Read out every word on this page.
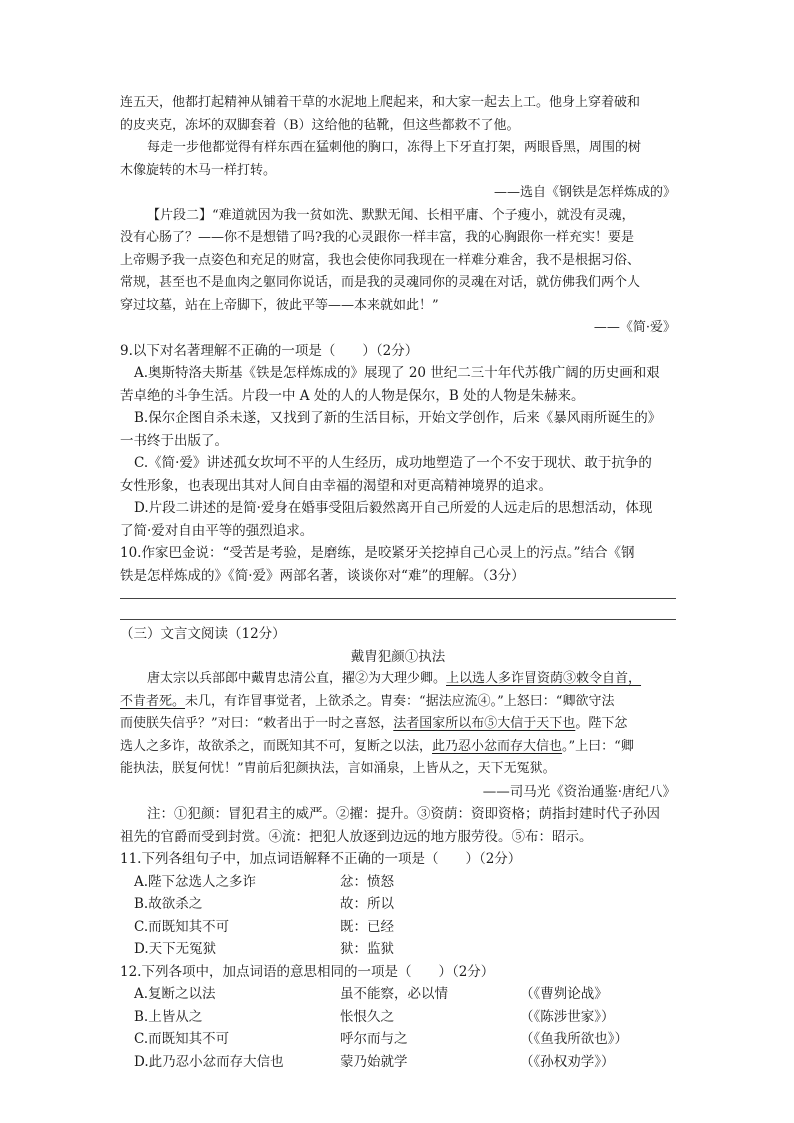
连五天，他都打起精神从铺着干草的水泥地上爬起来，和大家一起去上工。他身上穿着破和

的皮夹克，冻坏的双脚套着（B）这给他的毡靴，但这些都救不了他。

每走一步他都觉得有样东西在猛刺他的胸口，冻得上下牙直打架，两眼昏黑，周围的树

木像旋转的木马一样打转。

——选自《钢铁是怎样炼成的》

【片段二】“难道就因为我一贫如洗、默默无闻、长相平庸、个子瘦小，就没有灵魂，

没有心肠了？——你不是想错了吗?我的心灵跟你一样丰富，我的心胸跟你一样充实！要是

上帝赐予我一点姿色和充足的财富，我也会使你同我现在一样难分难舍，我不是根据习俗、

常规，甚至也不是血肉之躯同你说话，而是我的灵魂同你的灵魂在对话，就仿佛我们两个人

穿过坟墓，站在上帝脚下，彼此平等——本来就如此！”

——《简·爱》

9.以下对名著理解不正确的一项是（　　）（2分）

A.奥斯特洛夫斯基《铁是怎样炼成的》展现了 20 世纪二三十年代苏俄广阔的历史画和艰

苦卓绝的斗争生活。片段一中 A 处的人的人物是保尔，B 处的人物是朱赫来。

B.保尔企图自杀未遂，又找到了新的生活目标，开始文学创作，后来《暴风雨所诞生的》

一书终于出版了。

C.《简·爱》讲述孤女坎坷不平的人生经历，成功地塑造了一个不安于现状、敢于抗争的

女性形象，也表现出其对人间自由幸福的渴望和对更高精神境界的追求。

D.片段二讲述的是简·爱身在婚事受阻后毅然离开自己所爱的人远走后的思想活动，体现

了简·爱对自由平等的强烈追求。

10.作家巴金说：“受苦是考验，是磨练，是咬紧牙关挖掉自己心灵上的污点。”结合《钢

铁是怎样炼成的》《简·爱》两部名著，谈谈你对“难”的理解。（3分）

（三）文言文阅读（12分）

戴胄犯颜①执法

唐太宗以兵部郎中戴胄忠清公直，擢②为大理少卿。上以选人多诈冒资荫③敕令自首，

不肯者死。未几，有诈冒事觉者，上欲杀之。胄奏：“据法应流④。”上怒曰：“卿欲守法

而使朕失信乎？”对曰：“敕者出于一时之喜怒，法者国家所以布⑤大信于天下也。陛下忿

选人之多诈，故欲杀之，而既知其不可，复断之以法，此乃忍小忿而存大信也。”上曰：“卿

能执法，朕复何忧！”胄前后犯颜执法，言如涌泉，上皆从之，天下无冤狱。

——司马光《资治通鉴·唐纪八》

注：①犯颜：冒犯君主的威严。②擢：提升。③资荫：资即资格；荫指封建时代子孙因

祖先的官爵而受到封赏。④流：把犯人放逐到边远的地方服劳役。⑤布：昭示。

11.下列各组句子中，加点词语解释不正确的一项是（　　）（2分）

A.陛下忿选人之多诈	忿：愤怒
B.故欲杀之	故：所以
C.而既知其不可	既：已经
D.天下无冤狱	狱：监狱

12.下列各项中，加点词语的意思相同的一项是（　　）（2分）

A.复断之以法	虽不能察，必以情	（《曹刿论战》
B.上皆从之	怅恨久之	（《陈涉世家》）
C.而既知其不可	呼尔而与之	（《鱼我所欲也》）
D.此乃忍小忿而存大信也	蒙乃始就学	（《孙权劝学》）
